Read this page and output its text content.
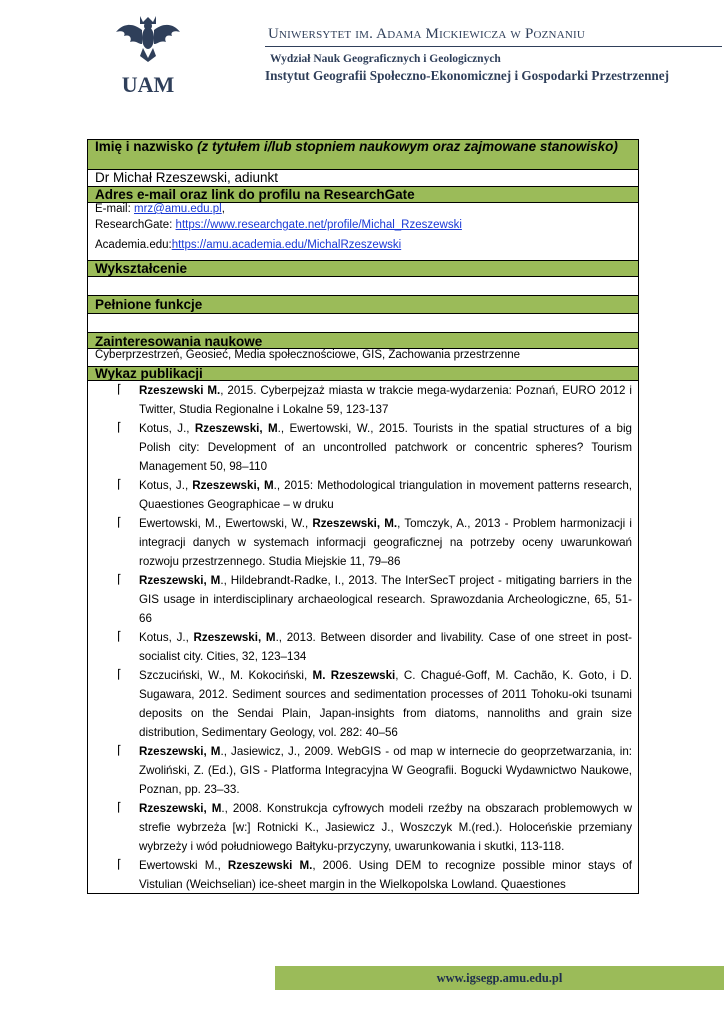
UAM
Uniwersytet im. Adama Mickiewicza w Poznaniu
Wydział Nauk Geograficznych i Geologicznych
Instytut Geografii Społeczno-Ekonomicznej i Gospodarki Przestrzennej
Imię i nazwisko (z tytułem i/lub stopniem naukowym oraz zajmowane stanowisko)
Dr Michał Rzeszewski, adiunkt
Adres e-mail oraz link do profilu na ResearchGate
E-mail: mrz@amu.edu.pl,
ResearchGate: https://www.researchgate.net/profile/Michal_Rzeszewski
Academia.edu:https://amu.academia.edu/MichalRzeszewski
Wykształcenie
Pełnione funkcje
Zainteresowania naukowe
Cyberprzestrzeń, Geosieć, Media społecznościowe, GIS, Zachowania przestrzenne
Wykaz publikacji
⌈ Rzeszewski M., 2015. Cyberpejzaż miasta w trakcie mega-wydarzenia: Poznań, EURO 2012 i Twitter, Studia Regionalne i Lokalne 59, 123-137
⌈ Kotus, J., Rzeszewski, M., Ewertowski, W., 2015. Tourists in the spatial structures of a big Polish city: Development of an uncontrolled patchwork or concentric spheres? Tourism Management 50, 98–110
⌈ Kotus, J., Rzeszewski, M., 2015: Methodological triangulation in movement patterns research, Quaestiones Geographicae – w druku
⌈ Ewertowski, M., Ewertowski, W., Rzeszewski, M., Tomczyk, A., 2013 - Problem harmonizacji i integracji danych w systemach informacji geograficznej na potrzeby oceny uwarunkowań rozwoju przestrzennego. Studia Miejskie 11, 79–86
⌈ Rzeszewski, M., Hildebrandt-Radke, I., 2013. The InterSecT project - mitigating barriers in the GIS usage in interdisciplinary archaeological research. Sprawozdania Archeologiczne, 65, 51-66
⌈ Kotus, J., Rzeszewski, M., 2013. Between disorder and livability. Case of one street in post-socialist city. Cities, 32, 123–134
⌈ Szczuciński, W., M. Kokociński, M. Rzeszewski, C. Chagué-Goff, M. Cachão, K. Goto, i D. Sugawara, 2012. Sediment sources and sedimentation processes of 2011 Tohoku-oki tsunami deposits on the Sendai Plain, Japan-insights from diatoms, nannoliths and grain size distribution, Sedimentary Geology, vol. 282: 40–56
⌈ Rzeszewski, M., Jasiewicz, J., 2009. WebGIS - od map w internecie do geoprzetwarzania, in: Zwoliński, Z. (Ed.), GIS - Platforma Integracyjna W Geografii. Bogucki Wydawnictwo Naukowe, Poznan, pp. 23–33.
⌈ Rzeszewski, M., 2008. Konstrukcja cyfrowych modeli rzeźby na obszarach problemowych w strefie wybrzeża [w:] Rotnicki K., Jasiewicz J., Woszczyk M.(red.). Holoceńskie przemiany wybrzeży i wód południowego Bałtyku-przyczyny, uwarunkowania i skutki, 113-118.
⌈ Ewertowski M., Rzeszewski M., 2006. Using DEM to recognize possible minor stays of Vistulian (Weichselian) ice-sheet margin in the Wielkopolska Lowland. Quaestiones
www.igsegp.amu.edu.pl
